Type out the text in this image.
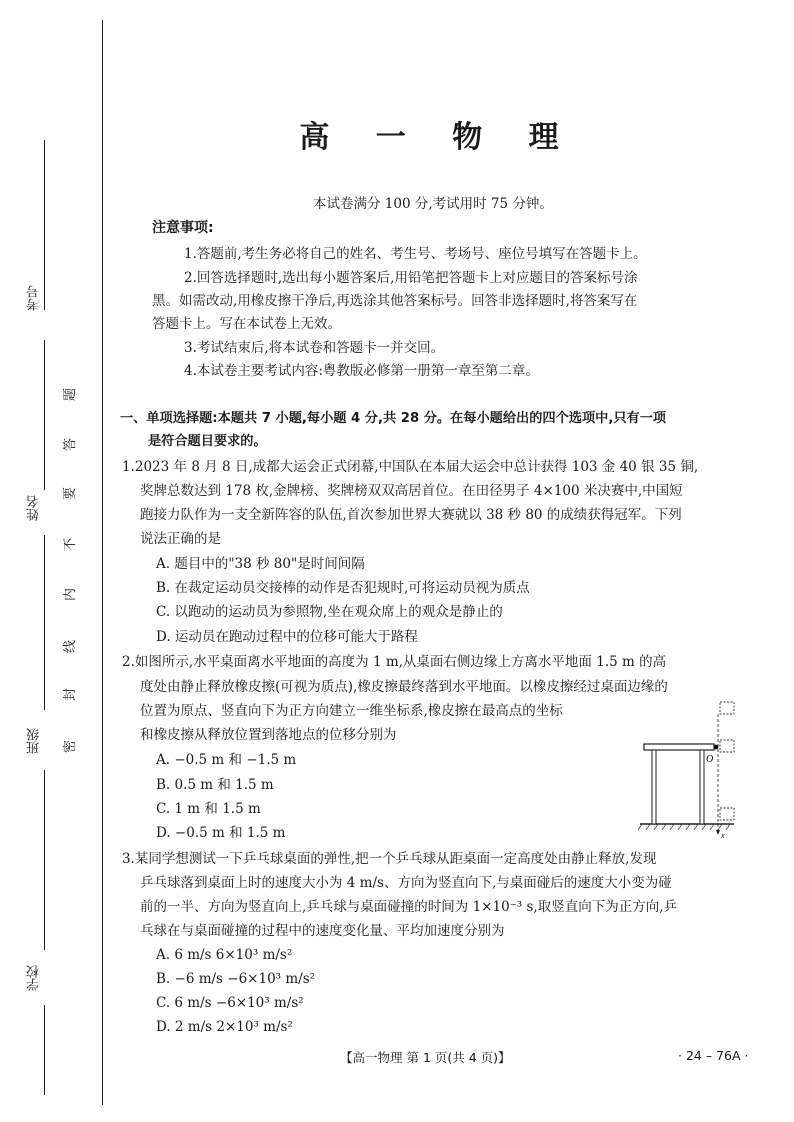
考号
姓名
班级
学校
密
封
线
内
不
要
答
题
高 一 物 理
本试卷满分 100 分,考试用时 75 分钟。
注意事项:
1.答题前,考生务必将自己的姓名、考生号、考场号、座位号填写在答题卡上。
2.回答选择题时,选出每小题答案后,用铅笔把答题卡上对应题目的答案标号涂
黑。如需改动,用橡皮擦干净后,再选涂其他答案标号。回答非选择题时,将答案写在
答题卡上。写在本试卷上无效。
3.考试结束后,将本试卷和答题卡一并交回。
4.本试卷主要考试内容:粤教版必修第一册第一章至第二章。
一、单项选择题:本题共 7 小题,每小题 4 分,共 28 分。在每小题给出的四个选项中,只有一项
是符合题目要求的。
1.2023 年 8 月 8 日,成都大运会正式闭幕,中国队在本届大运会中总计获得 103 金 40 银 35 铜,
奖牌总数达到 178 枚,金牌榜、奖牌榜双双高居首位。在田径男子 4×100 米决赛中,中国短
跑接力队作为一支全新阵容的队伍,首次参加世界大赛就以 38 秒 80 的成绩获得冠军。下列
说法正确的是
A. 题目中的"38 秒 80"是时间间隔
B. 在裁定运动员交接棒的动作是否犯规时,可将运动员视为质点
C. 以跑动的运动员为参照物,坐在观众席上的观众是静止的
D. 运动员在跑动过程中的位移可能大于路程
2.如图所示,水平桌面离水平地面的高度为 1 m,从桌面右侧边缘上方离水平地面 1.5 m 的高
度处由静止释放橡皮擦(可视为质点),橡皮擦最终落到水平地面。以橡皮擦经过桌面边缘的
位置为原点、竖直向下为正方向建立一维坐标系,橡皮擦在最高点的坐标
和橡皮擦从释放位置到落地点的位移分别为
A. −0.5 m 和 −1.5 m
B. 0.5 m 和 1.5 m
C. 1 m 和 1.5 m
D. −0.5 m 和 1.5 m
3.某同学想测试一下乒乓球桌面的弹性,把一个乒乓球从距桌面一定高度处由静止释放,发现
乒乓球落到桌面上时的速度大小为 4 m/s、方向为竖直向下,与桌面碰后的速度大小变为碰
前的一半、方向为竖直向上,乒乓球与桌面碰撞的时间为 1×10⁻³ s,取竖直向下为正方向,乒
乓球在与桌面碰撞的过程中的速度变化量、平均加速度分别为
A. 6 m/s 6×10³ m/s²
B. −6 m/s −6×10³ m/s²
C. 6 m/s −6×10³ m/s²
D. 2 m/s 2×10³ m/s²
【高一物理 第 1 页(共 4 页)】	· 24 – 76A ·
O
x
